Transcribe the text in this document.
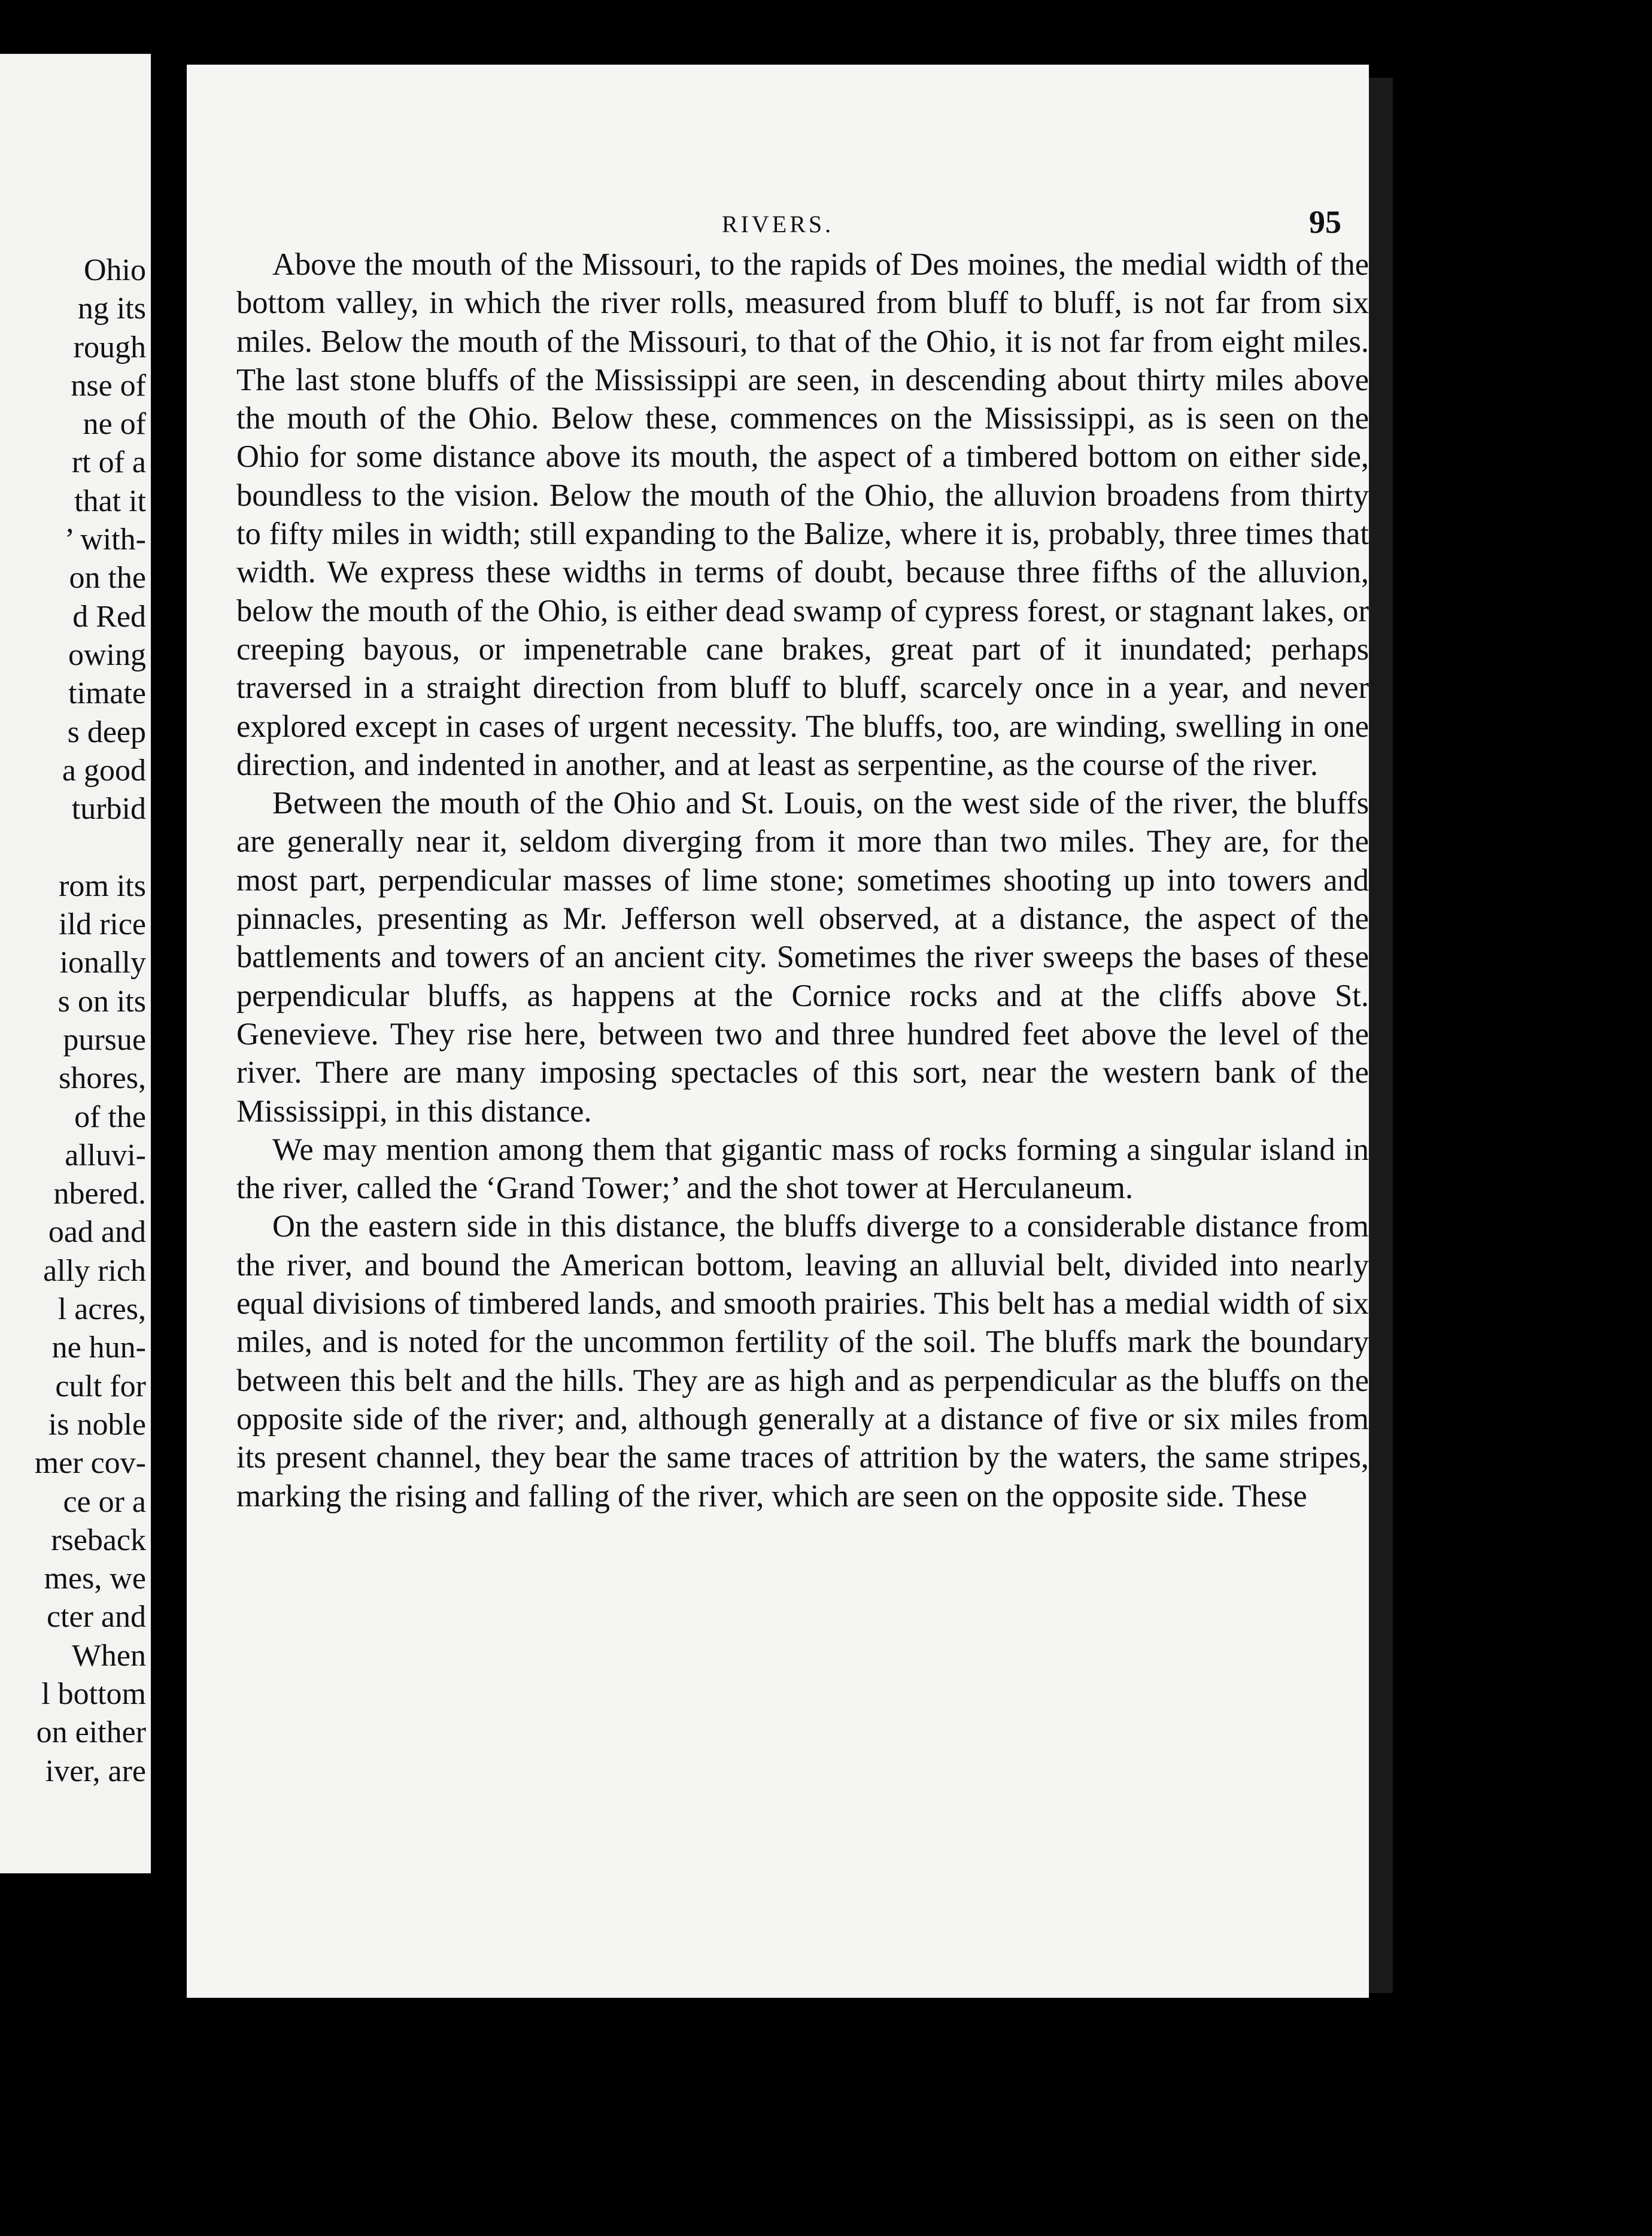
Ohio
ng its
rough
nse of
ne of
rt of a
that it
’ with-
on the
d Red
owing
timate
s deep
a good
turbid
rom its
ild rice
ionally
s on its
pursue
shores,
of the
alluvi-
nbered.
oad and
ally rich
l acres,
ne hun-
cult for
is noble
mer cov-
ce or a
rseback
mes, we
cter and
When
l bottom
on either
iver, are
RIVERS.	95

Above the mouth of the Missouri, to the rapids of Des moines, the medial width of the bottom valley, in which the river rolls, measured from bluff to bluff, is not far from six miles. Below the mouth of the Missouri, to that of the Ohio, it is not far from eight miles. The last stone bluffs of the Mississippi are seen, in descending about thirty miles above the mouth of the Ohio. Below these, commences on the Mississippi, as is seen on the Ohio for some distance above its mouth, the aspect of a timbered bottom on either side, boundless to the vision. Below the mouth of the Ohio, the alluvion broadens from thirty to fifty miles in width; still expanding to the Balize, where it is, probably, three times that width. We express these widths in terms of doubt, because three fifths of the alluvion, below the mouth of the Ohio, is either dead swamp of cypress forest, or stagnant lakes, or creeping bayous, or impenetrable cane brakes, great part of it inundated; perhaps traversed in a straight direction from bluff to bluff, scarcely once in a year, and never explored except in cases of urgent necessity. The bluffs, too, are winding, swelling in one direction, and indented in another, and at least as serpentine, as the course of the river.

Between the mouth of the Ohio and St. Louis, on the west side of the river, the bluffs are generally near it, seldom diverging from it more than two miles. They are, for the most part, perpendicular masses of lime stone; sometimes shooting up into towers and pinnacles, presenting as Mr. Jefferson well observed, at a distance, the aspect of the battlements and towers of an ancient city. Sometimes the river sweeps the bases of these perpendicular bluffs, as happens at the Cornice rocks and at the cliffs above St. Genevieve. They rise here, between two and three hundred feet above the level of the river. There are many imposing spectacles of this sort, near the western bank of the Mississippi, in this distance.

We may mention among them that gigantic mass of rocks forming a singular island in the river, called the ‘Grand Tower;’ and the shot tower at Herculaneum.

On the eastern side in this distance, the bluffs diverge to a considerable distance from the river, and bound the American bottom, leaving an alluvial belt, divided into nearly equal divisions of timbered lands, and smooth prairies. This belt has a medial width of six miles, and is noted for the uncommon fertility of the soil. The bluffs mark the boundary between this belt and the hills. They are as high and as perpendicular as the bluffs on the opposite side of the river; and, although generally at a distance of five or six miles from its present channel, they bear the same traces of attrition by the waters, the same stripes, marking the rising and falling of the river, which are seen on the opposite side. These
